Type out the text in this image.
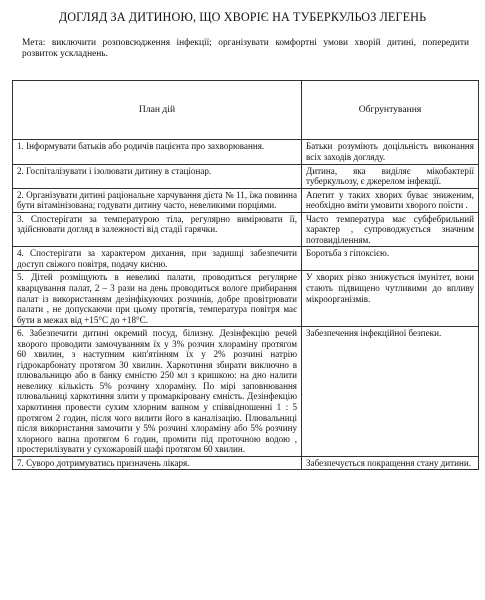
ДОГЛЯД ЗА ДИТИНОЮ, ЩО ХВОРІЄ НА ТУБЕРКУЛЬОЗ ЛЕГЕНЬ
Мета: виключити розповсюдження інфекції; організувати комфортні умови хворій дитині, попередити розвиток ускладнень.
План дій	Обгрунтування
1. Інформувати батьків або родичів пацієнта про захворювання.	Батьки розуміють доцільність виконання всіх заходів догляду.
2. Госпіталізувати і ізолювати дитину в стаціонар.	Дитина, яка виділяє мікобактерії туберкульозу, є джерелом інфекції.
2. Організувати дитині раціональне харчування дієта № 11, їжа повинна бути вітамінізована; годувати дитину часто, невеликими порціями.	Апетит у таких хворих буває зниженим, необхідно вміти умовити хворого поїсти .
3. Спостерігати за температурою тіла, регулярно вимірювати її, здійснювати догляд в залежності від стадії гарячки.	Часто температура має субфебрильний характер , супроводжується значним потовиділенням.
4. Спостерігати за характером дихання, при задишці забезпечити доступ свіжого повітря, подачу кисню.	Боротьба з гіпоксією.
5. Дітей розміщують в невеликі палати, проводиться регулярне кварцування палат, 2 – 3 рази на день проводиться вологе прибирання палат із використанням дезінфікуючих розчинів, добре провітрювати палати , не допускаючи при цьому протягів, температура повітря має бути в межах від +15°С до +18°С.	У хворих різко знижується імунітет, вони стають підвищено чутливими до впливу мікроорганізмів.
6. Забезпечити дитині окремий посуд, білизну. Дезінфекцію речей хворого проводити замочуванням їх у 3% розчин хлораміну протягом 60 хвилин, з наступним кип'ятінням їх у 2% розчині натрію гідрокарбонату протягом 30 хвилин. Харкотиння збирати виключно в плювальницю або в банку ємністю 250 мл з кришкою: на дно налити невелику кількість 5% розчину хлораміну. По мірі заповнювання плювальниці харкотиння злити у промаркіровану ємність. Дезінфекцію харкотиння провести сухим хлорним вапном у співвідношенні 1 : 5 протягом 2 годин, після чого вилити його в каналізацію. Плювальниці після використання замочити у 5% розчині хлораміну або 5% розчину хлорного вапна протягом 6 годин, промити під проточною водою , простерилізувати у сухожаровій шафі протягом 60 хвилин.	Забезпечення інфекційної безпеки.
7. Суворо дотримуватись призначень лікаря.	Забезпечується покращення стану дитини.
